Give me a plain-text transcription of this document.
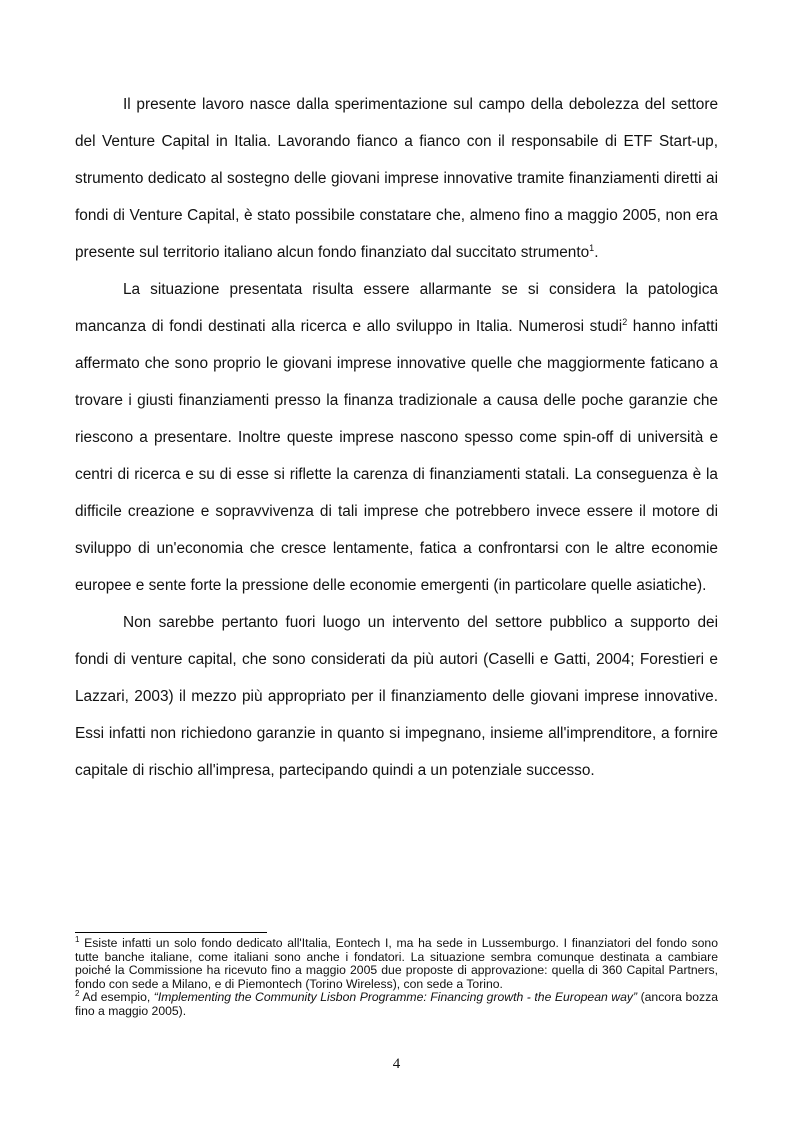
Il presente lavoro nasce dalla sperimentazione sul campo della debolezza del settore del Venture Capital in Italia. Lavorando fianco a fianco con il responsabile di ETF Start-up, strumento dedicato al sostegno delle giovani imprese innovative tramite finanziamenti diretti ai fondi di Venture Capital, è stato possibile constatare che, almeno fino a maggio 2005, non era presente sul territorio italiano alcun fondo finanziato dal succitato strumento$^1$.

La situazione presentata risulta essere allarmante se si considera la patologica mancanza di fondi destinati alla ricerca e allo sviluppo in Italia. Numerosi studi$^2$ hanno infatti affermato che sono proprio le giovani imprese innovative quelle che maggiormente faticano a trovare i giusti finanziamenti presso la finanza tradizionale a causa delle poche garanzie che riescono a presentare. Inoltre queste imprese nascono spesso come spin-off di università e centri di ricerca e su di esse si riflette la carenza di finanziamenti statali. La conseguenza è la difficile creazione e sopravvivenza di tali imprese che potrebbero invece essere il motore di sviluppo di un'economia che cresce lentamente, fatica a confrontarsi con le altre economie europee e sente forte la pressione delle economie emergenti (in particolare quelle asiatiche).

Non sarebbe pertanto fuori luogo un intervento del settore pubblico a supporto dei fondi di venture capital, che sono considerati da più autori (Caselli e Gatti, 2004; Forestieri e Lazzari, 2003) il mezzo più appropriato per il finanziamento delle giovani imprese innovative. Essi infatti non richiedono garanzie in quanto si impegnano, insieme all'imprenditore, a fornire capitale di rischio all'impresa, partecipando quindi a un potenziale successo.

$^1$ Esiste infatti un solo fondo dedicato all'Italia, Eontech I, ma ha sede in Lussemburgo. I finanziatori del fondo sono tutte banche italiane, come italiani sono anche i fondatori. La situazione sembra comunque destinata a cambiare poiché la Commissione ha ricevuto fino a maggio 2005 due proposte di approvazione: quella di 360 Capital Partners, fondo con sede a Milano, e di Piemontech (Torino Wireless), con sede a Torino.

$^2$ Ad esempio, “Implementing the Community Lisbon Programme: Financing growth - the European way” (ancora bozza fino a maggio 2005).

4
